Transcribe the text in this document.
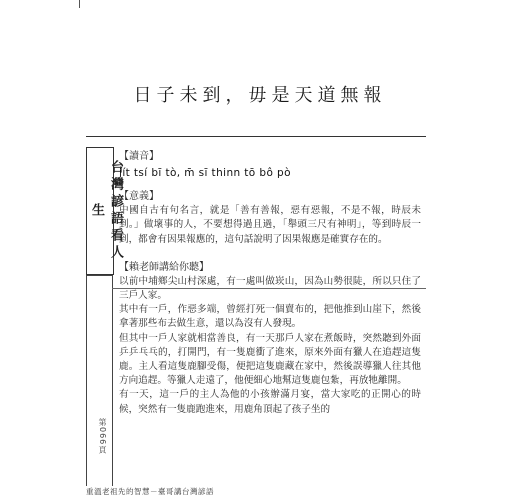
日子未到，毋是天道無報
台灣諺語看人生
第066頁

【讀音】

jít tsí bī tò, m̄ sī thinn tō bô pò

【意義】

中國自古有句名言，就是「善有善報，惡有惡報，不是不報，時辰未到。」做壞事的人，不要想得過且過，「舉頭三尺有神明」，等到時辰一到，都會有因果報應的，這句話說明了因果報應是確實存在的。

【賴老師講給你聽】

以前中埔鄉尖山村深處，有一處叫做崁山，因為山勢很陡，所以只住了三戶人家。

其中有一戶，作惡多端，曾經打死一個賣布的，把他推到山崖下，然後拿著那些布去做生意，還以為沒有人發現。

但其中一戶人家就相當善良，有一天那戶人家在煮飯時，突然聽到外面乒乒乓乓的，打開門，有一隻鹿衝了進來，原來外面有獵人在追趕這隻鹿。主人看這隻鹿腳受傷，便把這隻鹿藏在家中，然後誤導獵人往其他方向追趕。等獵人走遠了，他便細心地幫這隻鹿包紮，再放牠離開。

有一天，這一戶的主人為他的小孩辦滿月宴，當大家吃的正開心的時候，突然有一隻鹿跑進來，用鹿角頂起了孩子坐的

重溫老祖先的智慧－臺哥講台灣諺語
